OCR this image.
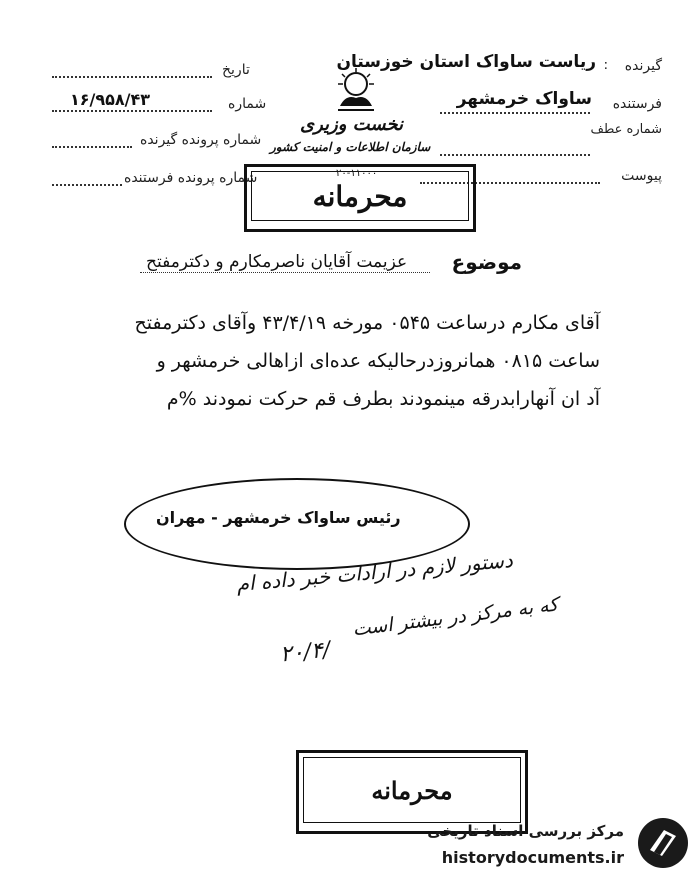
گیرنده
:
ریاست ساواک استان خوزستان
فرستنده
ساواک خرمشهر
شماره عطف
پیوست
تاریخ
۱۶/۹۵۸/۴۳	شماره
شماره پرونده گیرنده
شماره پرونده فرستنده
نخست وزیری
سازمان اطلاعات و امنیت کشور
۲۰-۱۱۰۰۰
محرمانه
موضوع
عزیمت آقایان ناصرمکارم و دکترمفتح
آقای مکارم درساعت ۰۵۴۵ مورخه ۴۳/۴/۱۹ وآقای دکترمفتح
ساعت ۰۸۱۵ همانروزدرحالیکه عده‌ای ازاهالی خرمشهر و
آد ان آنهارابدرقه مینمودند بطرف قم حرکت نمودند %م
رئیس ساواک خرمشهر - مهران
دستور لازم در ارادات خبر داده ام
که به مرکز در بیشتر است
۲۰/۴/
محرمانه
مرکز بررسی اسناد تاریخی
historydocuments.ir
